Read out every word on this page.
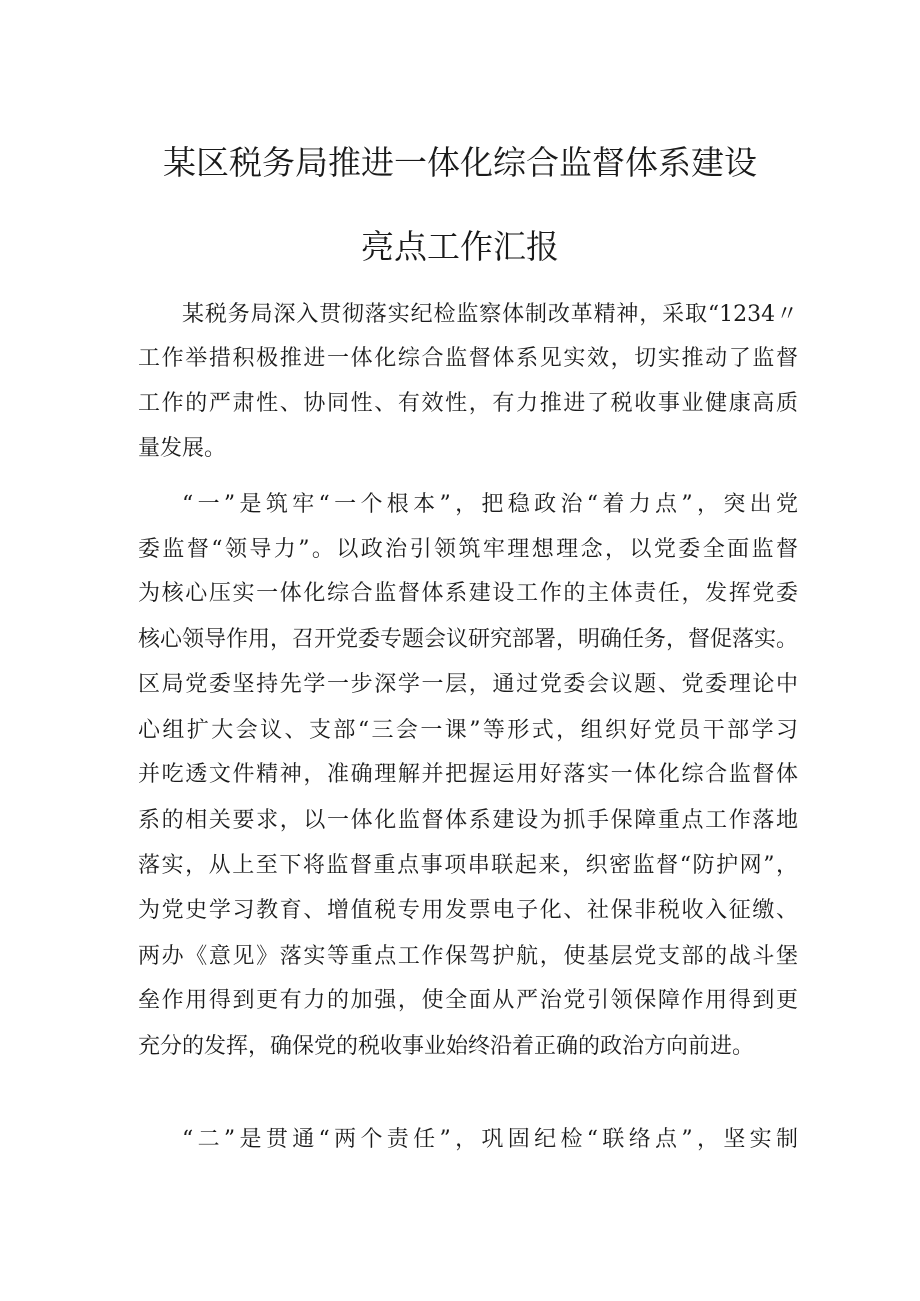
某区税务局推进一体化综合监督体系建设
亮点工作汇报
某税务局深入贯彻落实纪检监察体制改革精神，采取“1234〃
工作举措积极推进一体化综合监督体系见实效，切实推动了监督
工作的严肃性、协同性、有效性，有力推进了税收事业健康高质
量发展。
“一”是筑牢“一个根本”，把稳政治“着力点”，突出党
委监督“领导力”。以政治引领筑牢理想理念，以党委全面监督
为核心压实一体化综合监督体系建设工作的主体责任，发挥党委
核心领导作用，召开党委专题会议研究部署，明确任务，督促落实。
区局党委坚持先学一步深学一层，通过党委会议题、党委理论中
心组扩大会议、支部“三会一课”等形式，组织好党员干部学习
并吃透文件精神，准确理解并把握运用好落实一体化综合监督体
系的相关要求，以一体化监督体系建设为抓手保障重点工作落地
落实，从上至下将监督重点事项串联起来，织密监督“防护网”，
为党史学习教育、增值税专用发票电子化、社保非税收入征缴、
两办《意见》落实等重点工作保驾护航，使基层党支部的战斗堡
垒作用得到更有力的加强，使全面从严治党引领保障作用得到更
充分的发挥，确保党的税收事业始终沿着正确的政治方向前进。
“二”是贯通“两个责任”，巩固纪检“联络点”，坚实制
